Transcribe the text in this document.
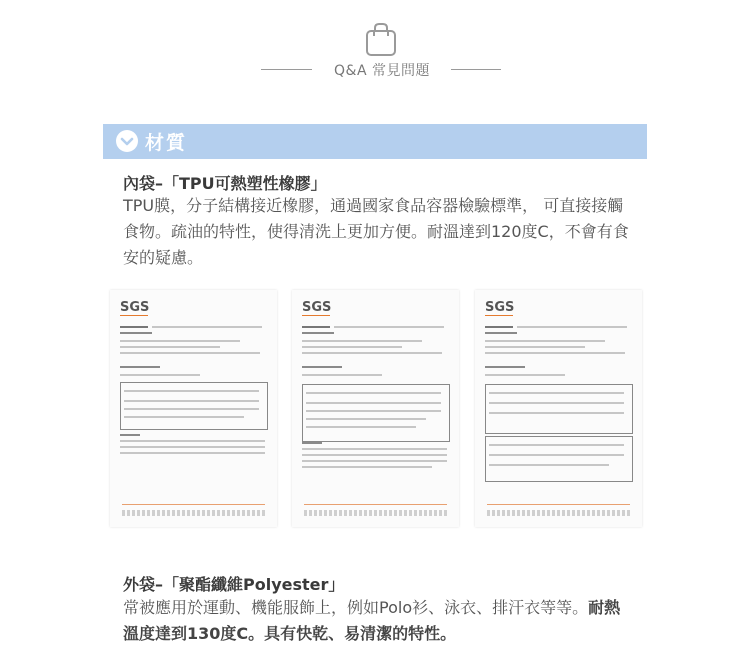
Q&A 常見問題
材質
內袋–「TPU可熱塑性橡膠」
TPU膜，分子結構接近橡膠，通過國家食品容器檢驗標準， 可直接接觸食物。疏油的特性，使得清洗上更加方便。耐溫達到120度C，不會有食安的疑慮。
SGS	SGS	SGS
外袋–「聚酯纖維Polyester」
常被應用於運動、機能服飾上，例如Polo衫、泳衣、排汗衣等等。耐熱溫度達到130度C。具有快乾、易清潔的特性。
